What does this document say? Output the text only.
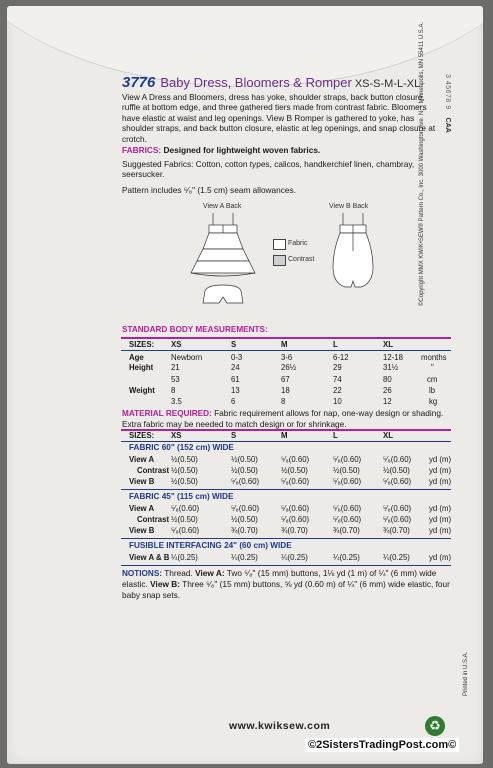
3776 Baby Dress, Bloomers & Romper XS-S-M-L-XL
View A Dress and Bloomers, dress has yoke, shoulder straps, back button closure, ruffle at bottom edge, and three gathered tiers made from contrast fabric. Bloomers have elastic at waist and leg openings. View B Romper is gathered to yoke, has shoulder straps, and back button closure, elastic at leg openings, and snap closure at crotch.
FABRICS: Designed for lightweight woven fabrics.
Suggested Fabrics: Cotton, cotton types, calicos, handkerchief linen, chambray, seersucker.
Pattern includes ⁵⁄₈" (1.5 cm) seam allowances.
View A Back
Fabric
Contrast
View B Back
STANDARD BODY MEASUREMENTS:
SIZES: XS	S	M	L	XL
Age	Newborn	0-3	3-6	6-12	12-18 months
Height 21	24	26½	29	31½	"
53	61	67	74	80	cm
Weight 8	13	18	22	26	lb
3.5	6	8	10	12	kg
MATERIAL REQUIRED: Fabric requirement allows for nap, one-way design or shading. Extra fabric may be needed to match design or for shrinkage.
SIZES: XS	S	M	L	XL
FABRIC 60" (152 cm) WIDE
View A ½(0.50)	½(0.50)	⁵⁄₈(0.60)	⁵⁄₈(0.60)	⁵⁄₈(0.60) yd (m)
Contrast ½(0.50)	½(0.50)	½(0.50)	½(0.50)	½(0.50) yd (m)
View B ½(0.50)	⁵⁄₈(0.60)	⁵⁄₈(0.60)	⁵⁄₈(0.60)	⁵⁄₈(0.60) yd (m)
FABRIC 45" (115 cm) WIDE
View A ⁵⁄₈(0.60)	⁵⁄₈(0.60)	⁵⁄₈(0.60)	⁵⁄₈(0.60)	⁵⁄₈(0.60) yd (m)
Contrast ½(0.50)	½(0.50)	⁵⁄₈(0.60)	⁵⁄₈(0.60)	⁵⁄₈(0.60) yd (m)
View B ⁵⁄₈(0.60)	¾(0.70)	¾(0.70)	¾(0.70)	¾(0.70) yd (m)
FUSIBLE INTERFACING 24" (60 cm) WIDE
View A & B ¼(0.25)	¼(0.25)	¼(0.25)	¼(0.25)	¼(0.25) yd (m)
NOTIONS: Thread. View A: Two ⁵⁄₈" (15 mm) buttons, 1⅛ yd (1 m) of ¼" (6 mm) wide elastic. View B: Three ⁵⁄₈" (15 mm) buttons, ⅝ yd (0.60 m) of ¼" (6 mm) wide elastic, four baby snap sets.
©Copyright MMX KWIK•SEW® Pattern Co., Inc. 3000 Washington Ave. N. • Minneapolis, MN 55411 U.S.A.	3 45678 9CAA
Printed in U.S.A.
www.kwiksew.com	♻
©2SistersTradingPost.com©
